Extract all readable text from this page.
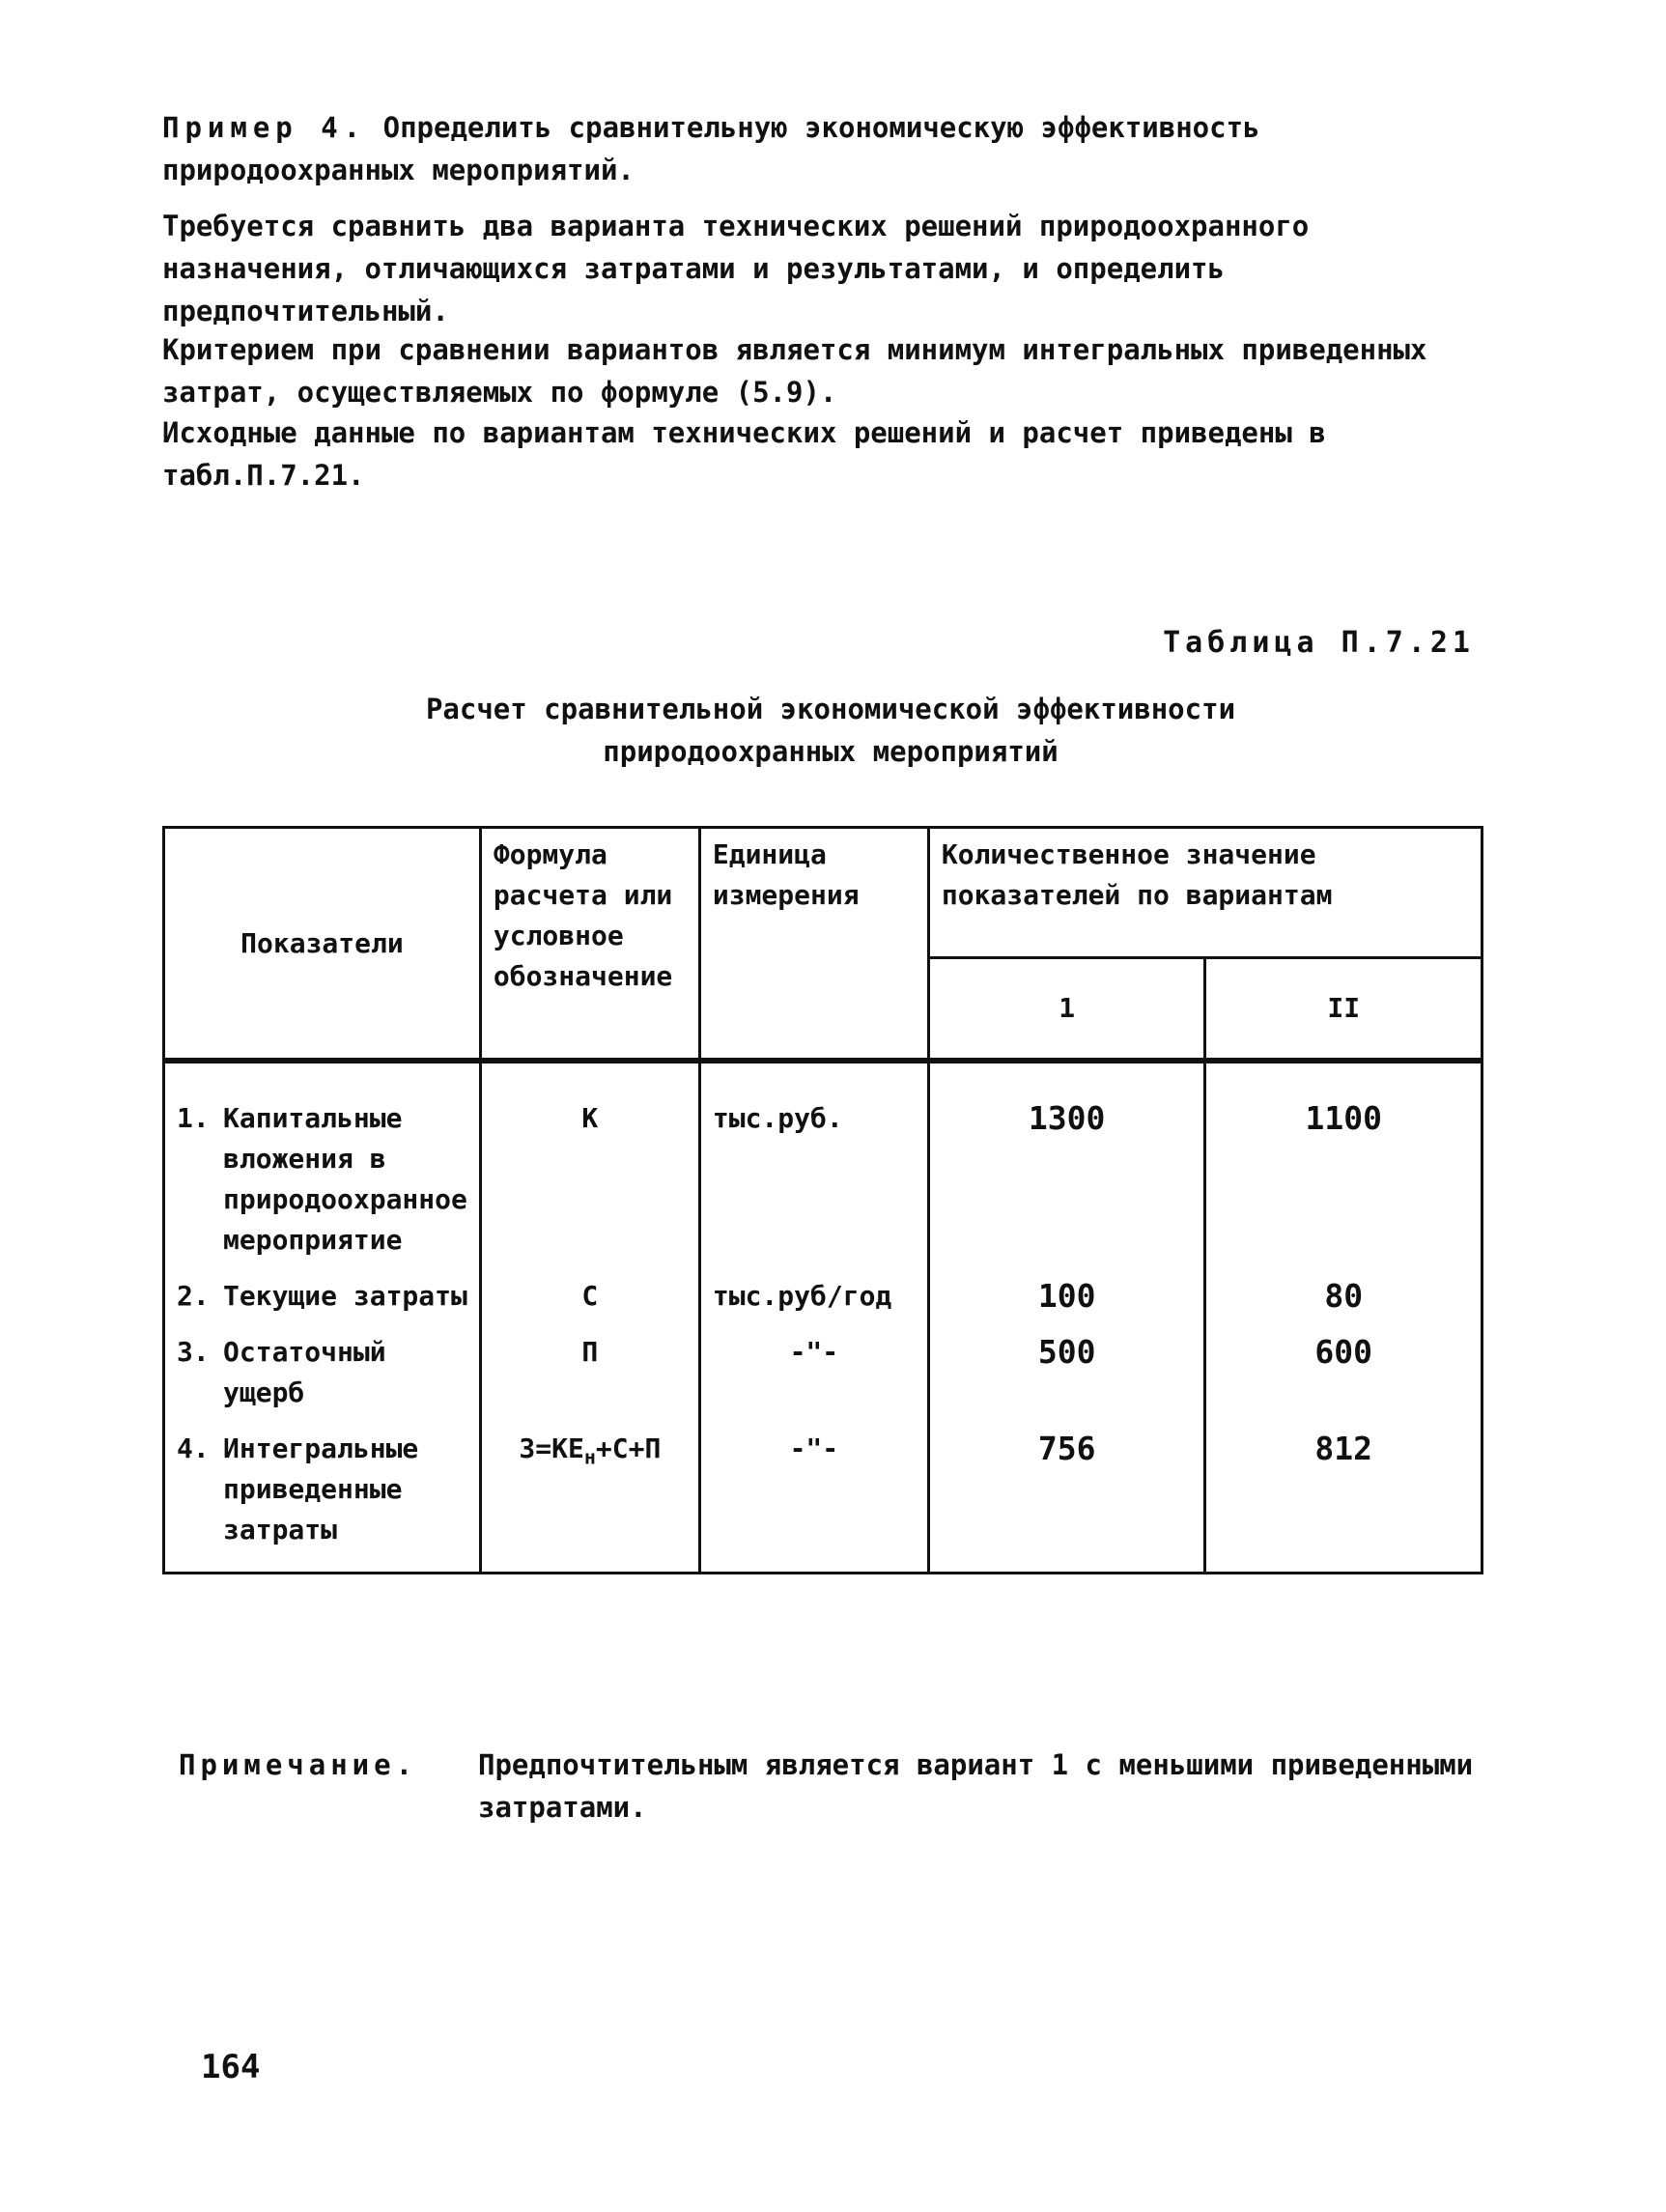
Пример 4. Определить сравнительную экономическую эффективность природоохранных мероприятий.
Требуется сравнить два варианта технических решений природоохранного назначения, отличающихся затратами и результатами, и определить предпочтительный.
Критерием при сравнении вариантов является минимум интегральных приведенных затрат, осуществляемых по формуле (5.9).
Исходные данные по вариантам технических решений и расчет приведены в табл.П.7.21.
Таблица П.7.21
Расчет сравнительной экономической эффективности
природоохранных мероприятий
Показатели	Формула расчета или условное обозначение	Единица измерения	Количественное значение показателей по вариантам	
			1	II

1. Капитальные вложения в природоохранное мероприятие	К	тыс.руб.	1300	1100

2. Текущие затраты	С	тыс.руб/год	100	80

3. Остаточный ущерб	П	-"-	500	600

4. Интегральные приведенные затраты	$З=КЕ_н+С+П$	-"-	756	812
Примечание.	Предпочтительным является вариант 1 с меньшими приведенными затратами.
164
